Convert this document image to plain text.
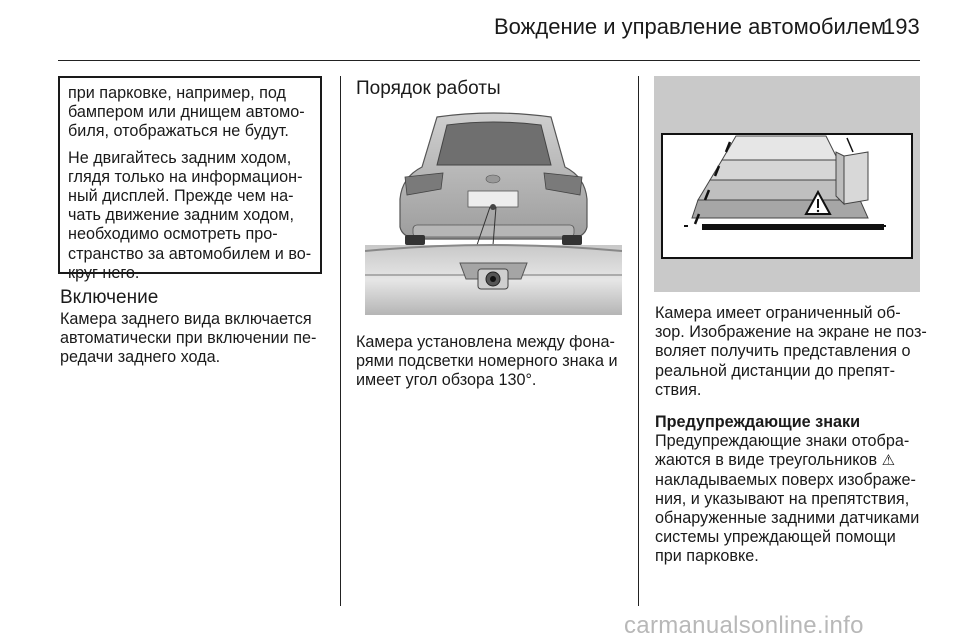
Вождение и управление автомобилем
193

при парковке, например, под
бампером или днищем автомо-
биля, отображаться не будут.

Не двигайтесь задним ходом,
глядя только на информацион-
ный дисплей. Прежде чем на-
чать движение задним ходом,
необходимо осмотреть про-
странство за автомобилем и во-
круг него.

Включение

Камера заднего вида включается
автоматически при включении пе-
редачи заднего хода.

Порядок работы

Камера установлена между фона-
рями подсветки номерного знака и
имеет угол обзора 130°.

Камера имеет ограниченный об-
зор. Изображение на экране не поз-
воляет получить представления о
реальной дистанции до препят-
ствия.

Предупреждающие знаки

Предупреждающие знаки отобра-
жаются в виде треугольников ⚠
накладываемых поверх изображе-
ния, и указывают на препятствия,
обнаруженные задними датчиками
системы упреждающей помощи
при парковке.

carmanualsonline.info
